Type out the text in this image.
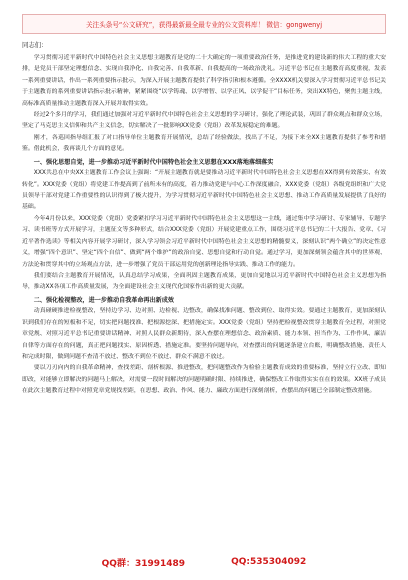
关注头条号“公文研究”，获得最新最全最专业的公文资料库！ 微信：gongwenyj

同志们：

学习贯彻习近平新时代中国特色社会主义思想主题教育是党的二十大确定的一项重要政治任务，是推进党的建设新的伟大工程的重大安排，是党员干部坚定理想信念、实现自我净化、自我完善、自我革新、自我提高的一场政治洗礼。习近平总书记在主题教育高度重视，发表一系列重要讲话，作出一系列重要指示批示，为深入开展主题教育提供了科学指引和根本遵循。全XXXX机关要深入学习贯彻习近平总书记关于主题教育的系列重要讲话指示批示精神，紧紧围绕“以学铸魂、以学增智、以学正风、以学促干”目标任务，突出XX特色，聚焦主题主线，高标准高质量推动主题教育深入开展并取得实效。

经过2个多月的学习，我们通过加强对习近平新时代中国特色社会主义思想的学习研讨，强化了理论武装，巩固了群众观点和群众立场，坚定了马克思主义信仰和共产主义信念，切实解决了一批影响XX党委（党组）改革发展稳定的难题。

刚才，各巡回指导组汇报了对口指导单位主题教育开展情况，总结了经验做法，找出了不足，为接下来全XX主题教育提供了参考和借鉴。借此机会，我再谈几个方面的意见。

一、强化思想自觉，进一步推动习近平新时代中国特色社会主义思想在XXX落地落细落实

XXX共总在中央XX主题教育工作会议上强调：“开展主题教育就是要推动习近平新时代中国特色社会主义思想在XX得到有效落实、有效转化”。XXX党委（党组）将党建工作提高到了前所未有的高度，着力推动党建与中心工作深度融合，XXX党委（党组）各级党组织和广大党员领导干部对党建工作重要性的认识得到了极大提升，为学习贯彻习近平新时代中国特色社会主义思想、推动工作高质量发展提供了良好的基础。

今年4月份以来，XXX党委（党组）党委紧扣学习习近平新时代中国特色社会主义思想这一主线，通过集中学习研讨、专家辅导、专题学习、读书班等方式开展学习，主题征文等多种形式，结合XXX党委（党组）开展党建重点工作，围绕习近平总书记的二十大报告、党章、《习近平著作选读》等相关内容开展学习研讨，深入学习领会习近平新时代中国特色社会主义思想的精髓要义，深刻认识“两个确立”的决定性意义，增强“四个意识”、坚定“四个自信”、做到“两个维护”的政治自觉、思想自觉和行动自觉。通过学习，更加深刻领会蕴含其中的世界观、方法论和贯穿其中的立场观点方法，进一步增强了党员干部运用党的创新理论指导实践、推动工作的能力。

我们要结合主题教育开展情况，认真总结学习成果，全面巩固主题教育成果，更加自觉地以习近平新时代中国特色社会主义思想为指导，推动XX各项工作高质量发展，为全面建设社会主义现代化国家作出新的更大贡献。

二、强化检视整改，进一步推动自我革命再出新成效

动真碰硬推进检视整改，坚持边学习、边对照、边检视、边整改，确保找准问题、整改到位、取得实效。要通过主题教育，更加深刻认识到我们存在的短板和不足，切实把问题找准、把根源挖深、把措施定实。XXX党委（党组）坚持把检视整改贯穿主题教育全过程，对照党章党规、对照习近平总书记重要讲话精神、对照人民群众新期待，深入查摆在理想信念、政治素质、能力本领、担当作为、工作作风、廉洁自律等方面存在的问题，真正把问题找实、原因析透、措施定准。要坚持问题导向，对查摆出的问题逐条建立台账，明确整改措施、责任人和完成时限，做到问题不查清不放过、整改不到位不放过、群众不满意不放过。

要以刀刃向内的自我革命精神，查找差距、剖析根源、推进整改，把问题整改作为检验主题教育成效的重要标准，坚持立行立改、即知即改，对能够立即解决的问题马上解决，对需要一段时间解决的问题明确时限、持续推进，确保整改工作取得实实在在的效果。XX班子成员在此次主题教育过程中对照党章党规找差距，在思想、政治、作风、能力、廉政方面进行深刻剖析，查摆出的问题已全部制定整改措施。

QQ群：31991489	QQ:535304092
